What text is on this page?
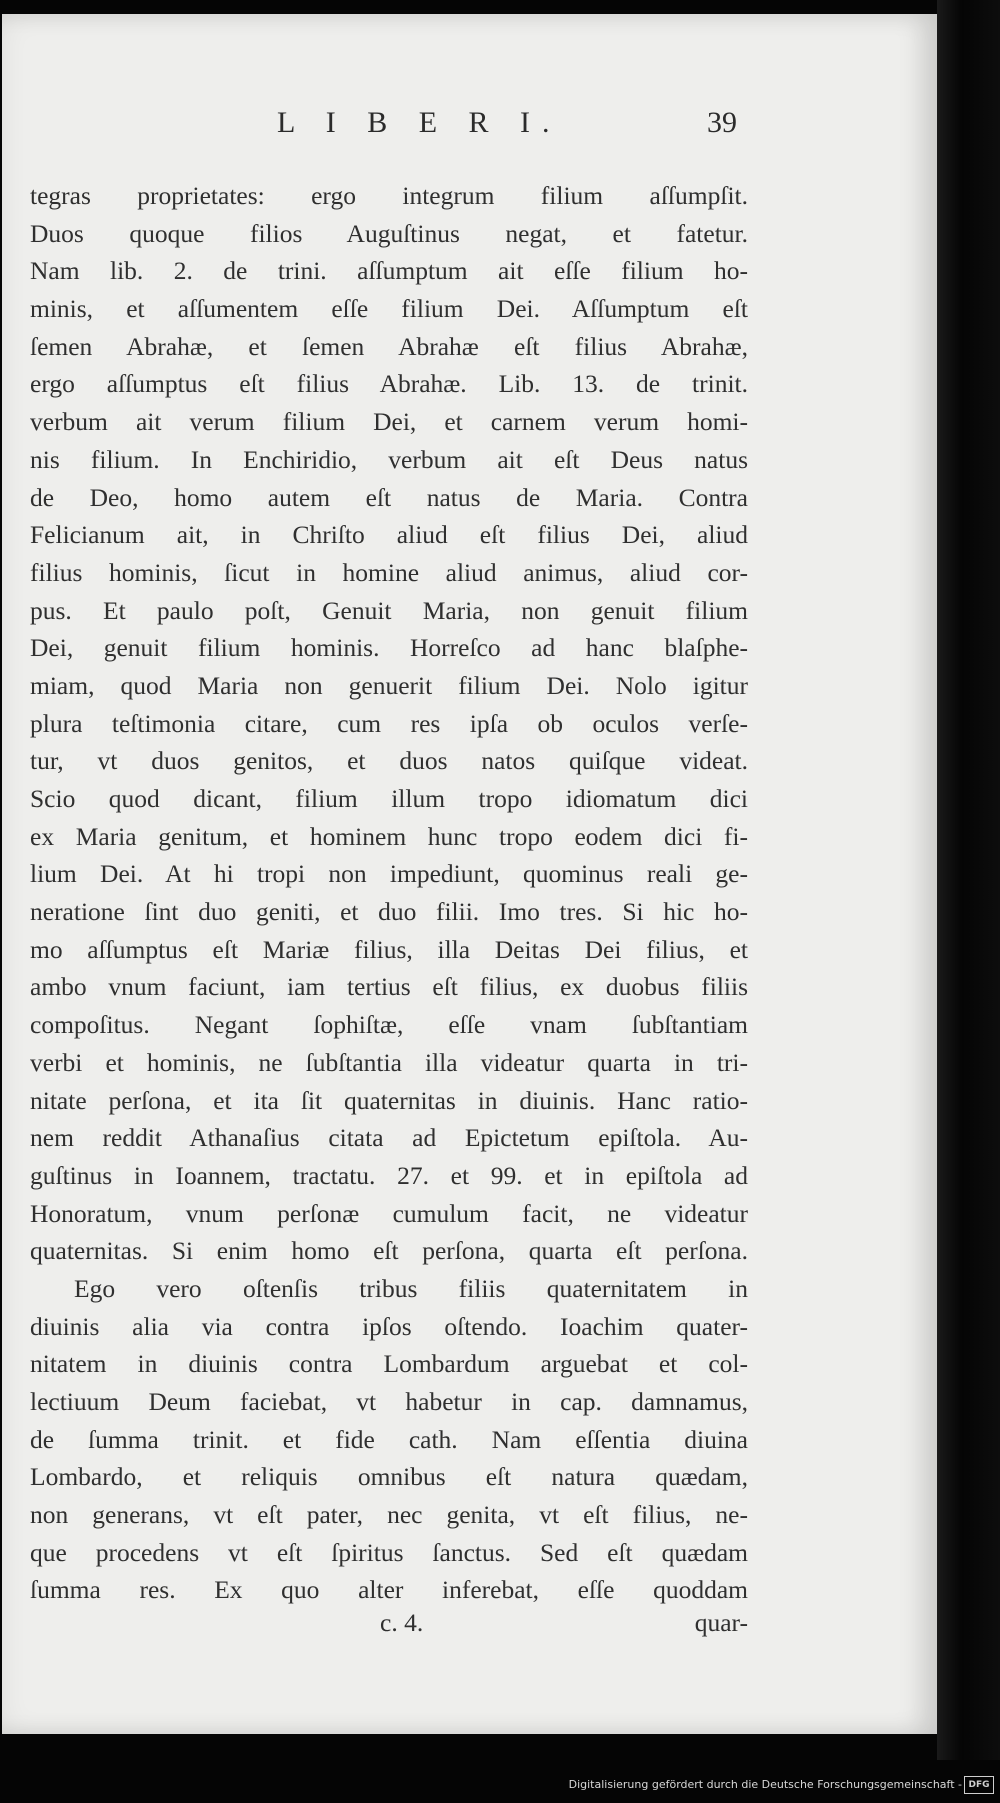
L I B E R I.	39
tegras proprietates: ergo integrum filium aſſumpſit.
Duos quoque filios Auguſtinus negat, et fatetur.
Nam lib. 2. de trini. aſſumptum ait eſſe filium ho-
minis, et aſſumentem eſſe filium Dei. Aſſumptum eſt
ſemen Abrahæ, et ſemen Abrahæ eſt filius Abrahæ,
ergo aſſumptus eſt filius Abrahæ. Lib. 13. de trinit.
verbum ait verum filium Dei, et carnem verum homi-
nis filium. In Enchiridio, verbum ait eſt Deus natus
de Deo, homo autem eſt natus de Maria. Contra
Felicianum ait, in Chriſto aliud eſt filius Dei, aliud
filius hominis, ſicut in homine aliud animus, aliud cor-
pus. Et paulo poſt, Genuit Maria, non genuit filium
Dei, genuit filium hominis. Horreſco ad hanc blaſphe-
miam, quod Maria non genuerit filium Dei. Nolo igitur
plura teſtimonia citare, cum res ipſa ob oculos verſe-
tur, vt duos genitos, et duos natos quiſque videat.
Scio quod dicant, filium illum tropo idiomatum dici
ex Maria genitum, et hominem hunc tropo eodem dici fi-
lium Dei. At hi tropi non impediunt, quominus reali ge-
neratione ſint duo geniti, et duo filii. Imo tres. Si hic ho-
mo aſſumptus eſt Mariæ filius, illa Deitas Dei filius, et
ambo vnum faciunt, iam tertius eſt filius, ex duobus filiis
compoſitus. Negant ſophiſtæ, eſſe vnam ſubſtantiam
verbi et hominis, ne ſubſtantia illa videatur quarta in tri-
nitate perſona, et ita ſit quaternitas in diuinis. Hanc ratio-
nem reddit Athanaſius citata ad Epictetum epiſtola. Au-
guſtinus in Ioannem, tractatu. 27. et 99. et in epiſtola ad
Honoratum, vnum perſonæ cumulum facit, ne videatur
quaternitas. Si enim homo eſt perſona, quarta eſt perſona.
Ego vero oſtenſis tribus filiis quaternitatem in
diuinis alia via contra ipſos oſtendo. Ioachim quater-
nitatem in diuinis contra Lombardum arguebat et col-
lectiuum Deum faciebat, vt habetur in cap. damnamus,
de ſumma trinit. et fide cath. Nam eſſentia diuina
Lombardo, et reliquis omnibus eſt natura quædam,
non generans, vt eſt pater, nec genita, vt eſt filius, ne-
que procedens vt eſt ſpiritus ſanctus. Sed eſt quædam
ſumma res. Ex quo alter inferebat, eſſe quoddam
c. 4.	quar-
Digitalisierung gefördert durch die Deutsche Forschungsgemeinschaft - DFG
